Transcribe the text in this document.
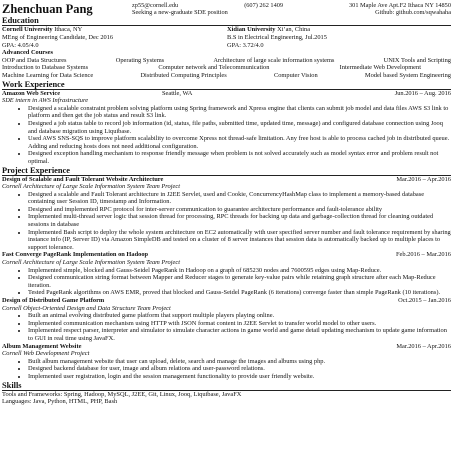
Zhenchuan Pang	zp55@cornell.edu	(607) 262 1409	301 Maple Ave Apt.F2 Ithaca NY 14850
Seeking a new-graduate SDE position	Github: github.com/sqwahaha
Education
Cornell University Ithaca, NY
MEng of Engineering Candidate, Dec 2016
GPA: 4.05/4.0
Xidian University Xi’an, China
B.S in Electrical Engineering, Jul.2015
GPA: 3.72/4.0
Advanced Courses
OOP and Data Structures	Operating Systems	Architecture of large scale information systems	UNIX Tools and Scripting
Introduction to Database Systems	Computer network and Telecommunication	Intermediate Web Development
Machine Learning for Data Science	Distributed Computing Principles	Computer Vision	Model based System Engineering
Work Experience
Amazon Web Service	Seattle, WA	Jun.2016 – Aug. 2016
SDE intern in AWS Infrastructure
• Designed a scalable constraint problem solving platform using Spring framework and Xpress engine that clients can submit job model and data files AWS S3 link to platform and then get the job status and result S3 link.
• Designed a job status table to record job information (id, status, file paths, submitted time, updated time, message) and configured database connection using Jooq and database migration using Liquibase.
• Used AWS SNS-SQS to improve platform scalability to overcome Xpress not thread-safe limitation. Any free host is able to process cached job in distributed queue. Adding and reducing hosts does not need additional configuration.
• Designed exception handling mechanism to response friendly message when problem is not solved accurately such as model syntax error and problem result not optimal.
Project Experience
Design of Scalable and Fault Tolerant Website Architecture	Mar.2016 – Apr.2016
Cornell Architecture of Large Scale Information System Team Project
• Designed a scalable and Fault Tolerant architecture in J2EE Servlet, used and Cookie, ConcurrencyHashMap class to implement a memory-based database containing user Session ID, timestamp and Information.
• Designed and implemented RPC protocol for inter-server communication to guarantee architecture performance and fault-tolerance ability
• Implemented multi-thread server logic that session thread for processing, RPC threads for backing up data and garbage-collection thread for cleaning outdated sessions in database
• Implemented Bash script to deploy the whole system architecture on EC2 automatically with user specified server number and fault tolerance requirement by sharing instance info (IP, Server ID) via Amazon SimpleDB and tested on a cluster of 8 server instances that session data is automatically backed up to multiple places to support tolerance.
Fast Converge PageRank Implementation on Hadoop	Feb.2016 – Mar.2016
Cornell Architecture of Large Scale Information System Team Project
• Implemented simple, blocked and Gauss-Seidel PageRank in Hadoop on a graph of 685230 nodes and 7600595 edges using Map-Reduce.
• Designed communication string format between Mapper and Reducer stages to generate key-value pairs while retaining graph structure after each Map-Reduce iteration.
• Tested PageRank algorithms on AWS EMR, proved that blocked and Gauss-Seidel PageRank (6 iterations) converge faster than simple PageRank (10 iterations).
Design of Distributed Game Platform	Oct.2015 – Jan.2016
Cornell Object-Oriented Design and Data Structure Team Project
• Built an animal evolving distributed game platform that support multiple players playing online.
• Implemented communication mechanism using HTTP with JSON format content in J2EE Servlet to transfer world model to other users.
• Implemented respect parser, interpreter and simulator to simulate character actions in game world and game detail updating mechanism to update game information to GUI in real time using JavaFX.
Album Management Website	Mar.2016 – Apr.2016
Cornell Web Development Project
• Built album management website that user can upload, delete, search and manage the images and albums using php.
• Designed backend database for user, image and album relations and user-password relations.
• Implemented user registration, login and the session management functionality to provide user friendly website.
Skills
Tools and Frameworks: Spring, Hadoop, MySQL, J2EE, Git, Linux, Jooq, Liquibase, JavaFX
Languages: Java, Python, HTML, PHP, Bash
